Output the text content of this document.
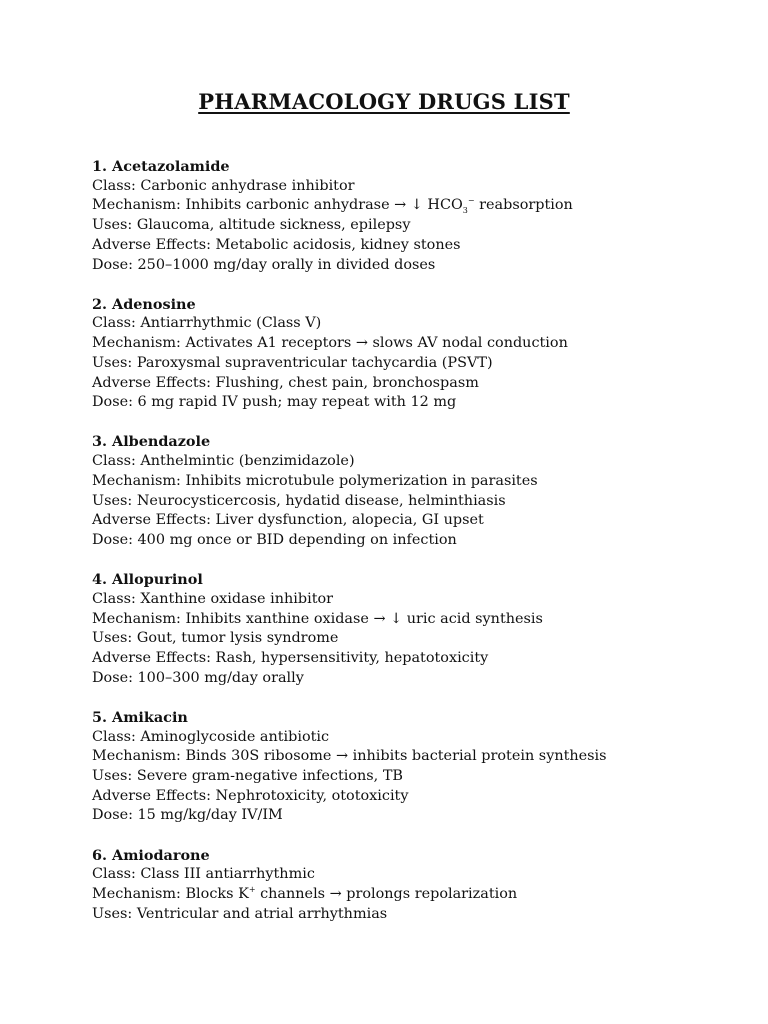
PHARMACOLOGY DRUGS LIST
1. Acetazolamide
Class: Carbonic anhydrase inhibitor
Mechanism: Inhibits carbonic anhydrase → ↓ $HCO_3^-$ reabsorption
Uses: Glaucoma, altitude sickness, epilepsy
Adverse Effects: Metabolic acidosis, kidney stones
Dose: 250–1000 mg/day orally in divided doses
2. Adenosine
Class: Antiarrhythmic (Class V)
Mechanism: Activates A1 receptors → slows AV nodal conduction
Uses: Paroxysmal supraventricular tachycardia (PSVT)
Adverse Effects: Flushing, chest pain, bronchospasm
Dose: 6 mg rapid IV push; may repeat with 12 mg
3. Albendazole
Class: Anthelmintic (benzimidazole)
Mechanism: Inhibits microtubule polymerization in parasites
Uses: Neurocysticercosis, hydatid disease, helminthiasis
Adverse Effects: Liver dysfunction, alopecia, GI upset
Dose: 400 mg once or BID depending on infection
4. Allopurinol
Class: Xanthine oxidase inhibitor
Mechanism: Inhibits xanthine oxidase → ↓ uric acid synthesis
Uses: Gout, tumor lysis syndrome
Adverse Effects: Rash, hypersensitivity, hepatotoxicity
Dose: 100–300 mg/day orally
5. Amikacin
Class: Aminoglycoside antibiotic
Mechanism: Binds 30S ribosome → inhibits bacterial protein synthesis
Uses: Severe gram-negative infections, TB
Adverse Effects: Nephrotoxicity, ototoxicity
Dose: 15 mg/kg/day IV/IM
6. Amiodarone
Class: Class III antiarrhythmic
Mechanism: Blocks K+ channels → prolongs repolarization
Uses: Ventricular and atrial arrhythmias
